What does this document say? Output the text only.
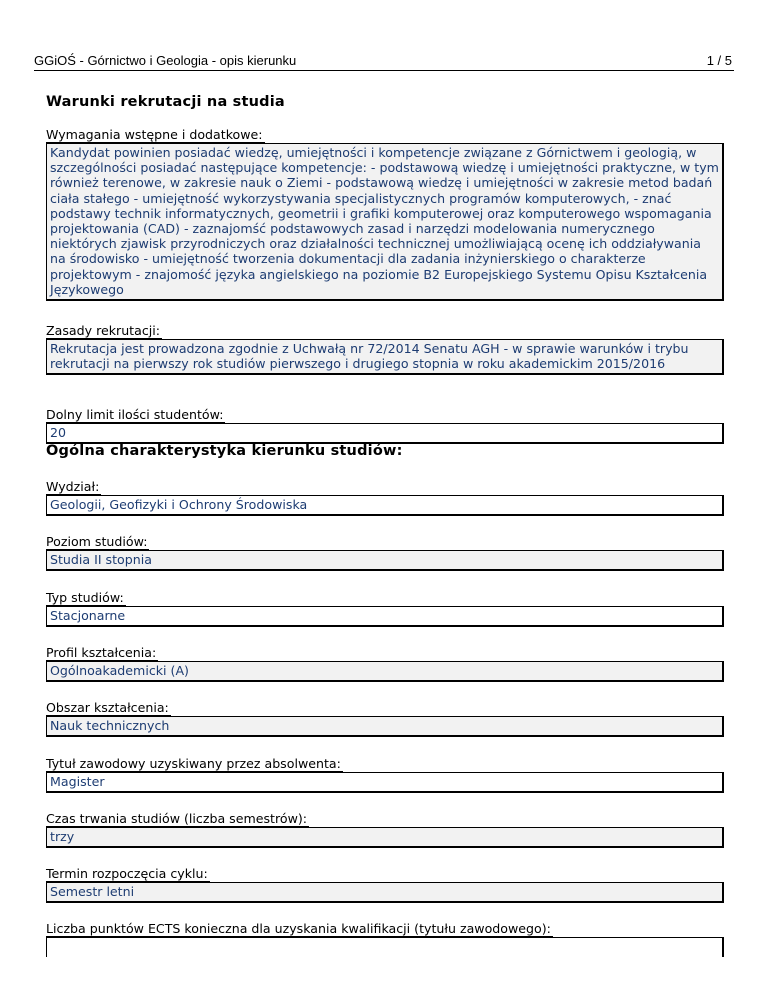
GGiOŚ - Górnictwo i Geologia - opis kierunku	1 / 5
Warunki rekrutacji na studia
Wymagania wstępne i dodatkowe:
Kandydat powinien posiadać wiedzę, umiejętności i kompetencje związane z Górnictwem i geologią, w szczególności posiadać następujące kompetencje: - podstawową wiedzę i umiejętności praktyczne, w tym również terenowe, w zakresie nauk o Ziemi - podstawową wiedzę i umiejętności w zakresie metod badań ciała stałego - umiejętność wykorzystywania specjalistycznych programów komputerowych, - znać podstawy technik informatycznych, geometrii i grafiki komputerowej oraz komputerowego wspomagania projektowania (CAD) - zaznajomść podstawowych zasad i narzędzi modelowania numerycznego niektórych zjawisk przyrodniczych oraz działalności technicznej umożliwiającą ocenę ich oddziaływania na środowisko - umiejętność tworzenia dokumentacji dla zadania inżynierskiego o charakterze projektowym - znajomość języka angielskiego na poziomie B2 Europejskiego Systemu Opisu Kształcenia Językowego
Zasady rekrutacji:
Rekrutacja jest prowadzona zgodnie z Uchwałą nr 72/2014 Senatu AGH - w sprawie warunków i trybu rekrutacji na pierwszy rok studiów pierwszego i drugiego stopnia w roku akademickim 2015/2016
Dolny limit ilości studentów:
20
Ogólna charakterystyka kierunku studiów:
Wydział:
Geologii, Geofizyki i Ochrony Środowiska
Poziom studiów:
Studia II stopnia
Typ studiów:
Stacjonarne
Profil kształcenia:
Ogólnoakademicki (A)
Obszar kształcenia:
Nauk technicznych
Tytuł zawodowy uzyskiwany przez absolwenta:
Magister
Czas trwania studiów (liczba semestrów):
trzy
Termin rozpoczęcia cyklu:
Semestr letni
Liczba punktów ECTS konieczna dla uzyskania kwalifikacji (tytułu zawodowego):
